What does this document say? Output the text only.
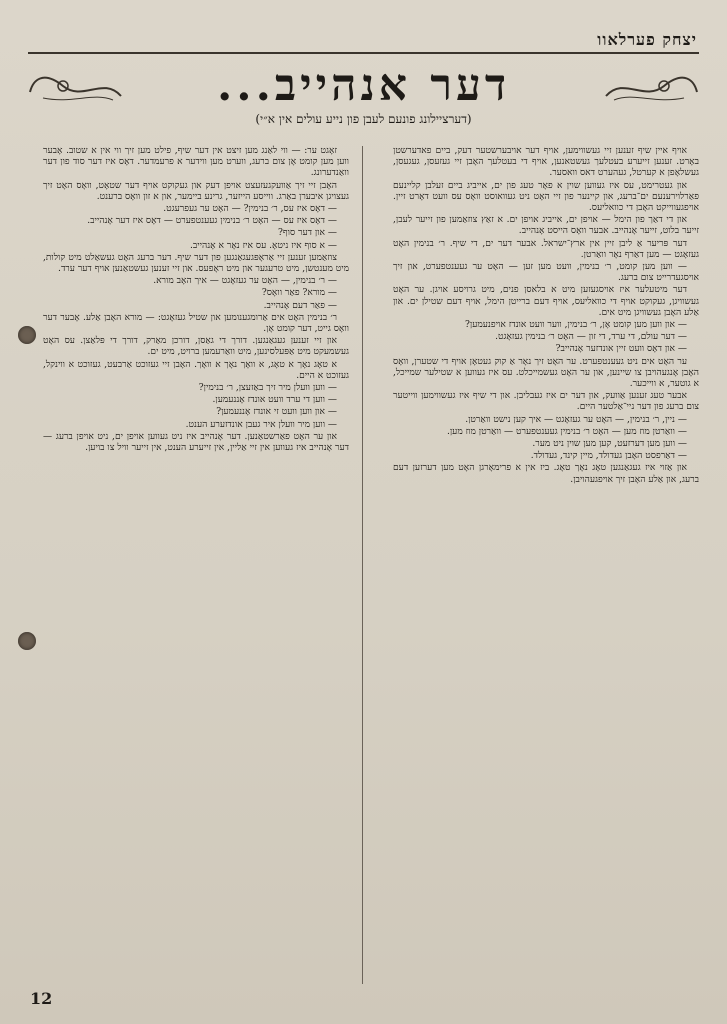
יצחק פערלאוו
דער אנהייב...
(דערציילונג פונעם לעבן פון נייע עולים אין א״י)

אויף איין שיף זענען זיי געשווימען, אויף דער אויבערשטער דעק, ביים פאדערשטן באָרט. זענען זייערע בעטלעך געשטאנען, אויף די בעטלעך האָבן זיי געזעסן, געגעסן, געשלאָפן א קערטל, געהערט דאס וואסער.

און געטרימט, עס איז געווען שוין א פאָר טעג פון ים, אייביג ביים זעלבן קליינעם פאַרלוירענעם ים־ברעג, און קיינער פון זיי האָט ניט געוואוסט וואָס עס וועט דאָרט זיין. אויפגעווייקט האָבן די כוואליעס.

און די דאַך פון הימל — אויפן ים, אייביג אויפן ים. א זאַץ צוזאַמען פון זייער לעבן, זייער בלוט, זייער אָנהייב. אבער וואָס הייסט אָנהייב.

דער פּריער אַ ליבן זיין אין ארץ־ישראל. אבער דער ים, די שיף. ר׳ בנימין האָט געזאָגט — מען דאַרף נאָר וואַרטן.

— ווען מען קומט, ר׳ בנימין, וועט מען זען — האָט ער געענטפערט, און זיך אויסגעדרייט צום ברעג.

דער מיטעלער איז אויסגעזען מיט א בלאסן פנים, מיט גרויסע אויגן. ער האָט געשוויגן, געקוקט אויף די כוואליעס, אויף דעם ברייטן הימל, אויף דעם שטילן ים. און אַלע האָבן געשוויגן מיט אים.

— און ווען מען קומט אָן, ר׳ בנימין, ווער וועט אונדז אויפנעמען?

— דער עולם, די ערד, די זון — האָט ר׳ בנימין געזאָגט.

— און דאָס וועט זיין אונדזער אָנהייב?

ער האָט אים ניט געענטפערט. ער האָט זיך נאָר אַ קוק געטאָן אויף די שטערן, וואָס האָבן אָנגעהויבן צו שיינען, און ער האָט געשמייכלט. עס איז געווען א שטילער שמייכל, א גוטער, א ווייכער.

אבער טעג זענען אַוועק, און דער ים איז געבליבן. און די שיף איז געשווימען ווייטער צום ברעג פון דער ניי־אַלטער היים.

— ניין, ר׳ בנימין, — האָט ער געזאָגט — איך קען נישט וואַרטן.

— וואַרטן מוז מען — האָט ר׳ בנימין געענטפערט — וואַרטן מוז מען.

— ווען מען דערזעט, קען מען שוין ניט מער.

— דאַרפסט האָבן געדולד, מיין קינד, געדולד.

און אַזוי איז געגאַנגען טאָג נאָך טאָג. ביז אין א פרימאָרגן האָט מען דערזען דעם ברעג, און אַלע האָבן זיך אויפגעהויבן.

זאָגט ער: — ווי לאַנג מען זיצט אין דער שיף, פילט מען זיך ווי אין א שטוב. אָבער ווען מען קומט אָן צום ברעג, ווערט מען ווידער א פרעמדער. דאָס איז דער סוד פון דער וואַנדערונג.

האָבן זיי זיך אַוועקגעזעצט אויפן דעק און געקוקט אויף דער שטאָט, וואָס האָט זיך געצויגן איבערן באַרג. ווייסע הייזער, גרינע ביימער, און א זון וואָס ברענט.

— דאָס איז עס, ר׳ בנימין? — האָט ער געפרעגט.

— דאָס איז עס — האָט ר׳ בנימין געענטפערט — דאָס איז דער אָנהייב.

— און דער סוף?

— א סוף איז ניטאָ. עס איז נאָר א אָנהייב.

צוזאַמען זענען זיי אַראָפּגעגאַנגען פון דער שיף. דער ברעג האָט געשאַלט מיט קולות, מיט מענטשן, מיט טרעגער און מיט ראָפעס. און זיי זענען געשטאַנען אויף דער ערד.

— ר׳ בנימין, — האָט ער געזאָגט — איך האָב מורא.

— מורא? פאַר וואָס?

— פאַר דעם אָנהייב.

ר׳ בנימין האָט אים אַרומגענומען און שטיל געזאָגט: — מורא האָבן אַלע. אָבער דער וואָס גייט, דער קומט אָן.

און זיי זענען געגאַנגען. דורך די גאַסן, דורכן מאַרק, דורך די פּלאַצן. עס האָט געשמעקט מיט אַפּעלסינען, מיט וואַרעמען ברויט, מיט ים.

א טאָג נאָך א טאָג, א וואָך נאָך א וואָך. האָבן זיי געזוכט אַרבעט, געזוכט א ווינקל, געזוכט א היים.

— ווען וועלן מיר זיך באַזעצן, ר׳ בנימין?

— ווען די ערד וועט אונדז אָננעמען.

— און ווען וועט זי אונדז אָננעמען?

— ווען מיר וועלן איר געבן אונדזערע הענט.

און ער האָט פאַרשטאַנען. דער אָנהייב איז ניט געווען אויפן ים, ניט אויפן ברעג — דער אָנהייב איז געווען אין זיי אַליין, אין זייערע הענט, אין זייער וויל צו בויען.

12
